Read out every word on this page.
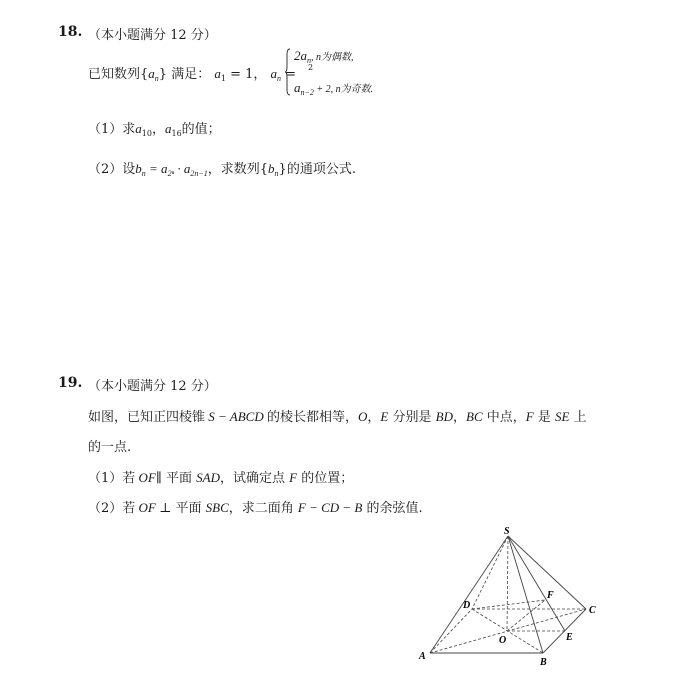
18. （本小题满分 12 分）
已知数列$\{a_n\}$ 满足： $a_1 = 1$， $a_n$ =
$2a_n$, n为偶数,
2
$a_{n-2} + 2$, n为奇数.
（1）求$a_{10}$，$a_{16}$的值；
（2）设$b_n = a_{2^n} \cdot a_{2n-1}$，求数列$\{b_n\}$的通项公式.
19. （本小题满分 12 分）
如图，已知正四棱锥 S − ABCD 的棱长都相等，O，E 分别是 BD，BC 中点，F 是 SE 上
的一点.
（1）若 OF∥ 平面 SAD，试确定点 F 的位置；
（2）若 OF ⊥ 平面 SBC，求二面角 F − CD − B 的余弦值.
S
D
F
C
O	E
A
B
